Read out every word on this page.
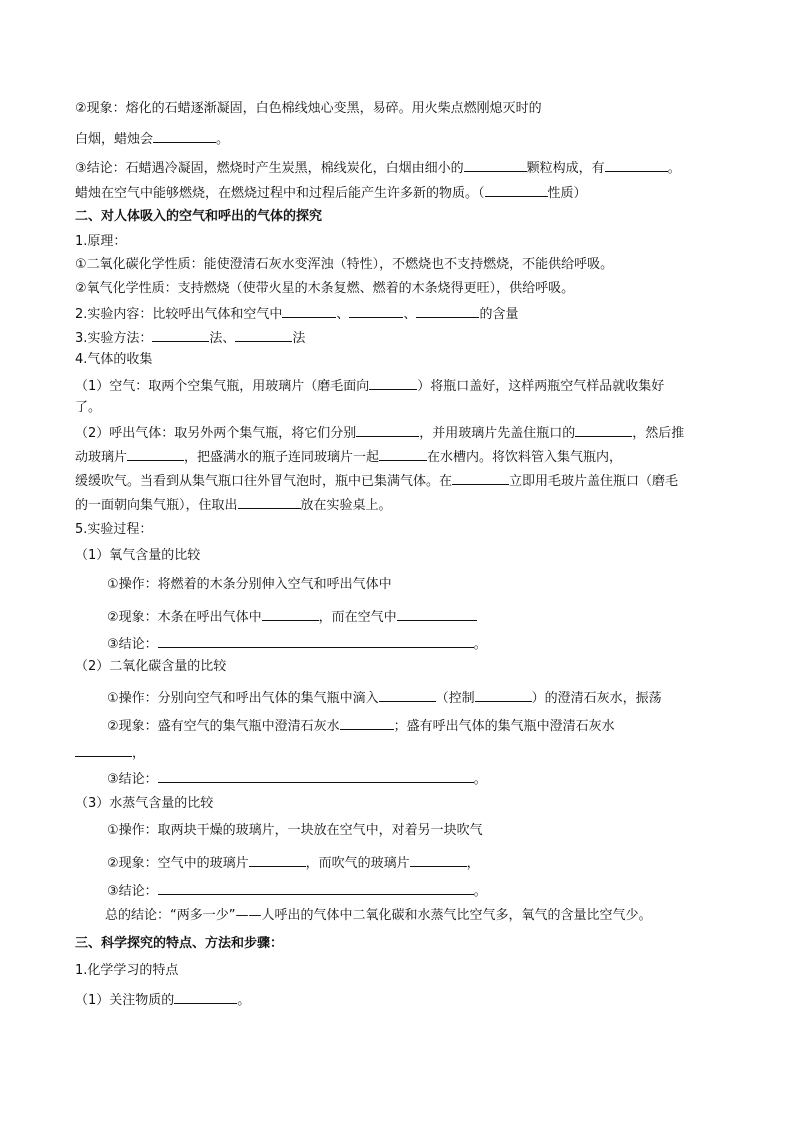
②现象：熔化的石蜡逐渐凝固，白色棉线烛心变黑，易碎。用火柴点燃刚熄灭时的
白烟，蜡烛会	。
③结论：石蜡遇冷凝固，燃烧时产生炭黑，棉线炭化，白烟由细小的	颗粒构成，有	。
蜡烛在空气中能够燃烧，在燃烧过程中和过程后能产生许多新的物质。（	性质）
二、对人体吸入的空气和呼出的气体的探究
1.原理：
①二氧化碳化学性质：能使澄清石灰水变浑浊（特性），不燃烧也不支持燃烧，不能供给呼吸。
②氧气化学性质：支持燃烧（使带火星的木条复燃、燃着的木条烧得更旺），供给呼吸。
2.实验内容：比较呼出气体和空气中	、	、	的含量
3.实验方法：	法、	法
4.气体的收集
（1）空气：取两个空集气瓶，用玻璃片（磨毛面向	）将瓶口盖好，这样两瓶空气样品就收集好
了。
（2）呼出气体：取另外两个集气瓶，将它们分别	，并用玻璃片先盖住瓶口的	，然后推
动玻璃片	，把盛满水的瓶子连同玻璃片一起	在水槽内。将饮料管入集气瓶内，
缓缓吹气。当看到从集气瓶口往外冒气泡时，瓶中已集满气体。在	立即用毛玻片盖住瓶口（磨毛
的一面朝向集气瓶），住取出	放在实验桌上。
5.实验过程：
（1）氧气含量的比较
①操作：将燃着的木条分别伸入空气和呼出气体中
②现象：木条在呼出气体中	，而在空气中
③结论：	。
（2）二氧化碳含量的比较
①操作：分别向空气和呼出气体的集气瓶中滴入	（控制	）的澄清石灰水，振荡
②现象：盛有空气的集气瓶中澄清石灰水	；盛有呼出气体的集气瓶中澄清石灰水
，
③结论：	。
（3）水蒸气含量的比较
①操作：取两块干燥的玻璃片，一块放在空气中，对着另一块吹气
②现象：空气中的玻璃片	，而吹气的玻璃片	，
③结论：	。
总的结论：“两多一少”——人呼出的气体中二氧化碳和水蒸气比空气多，氧气的含量比空气少。
三、科学探究的特点、方法和步骤：
1.化学学习的特点
（1）关注物质的	。
